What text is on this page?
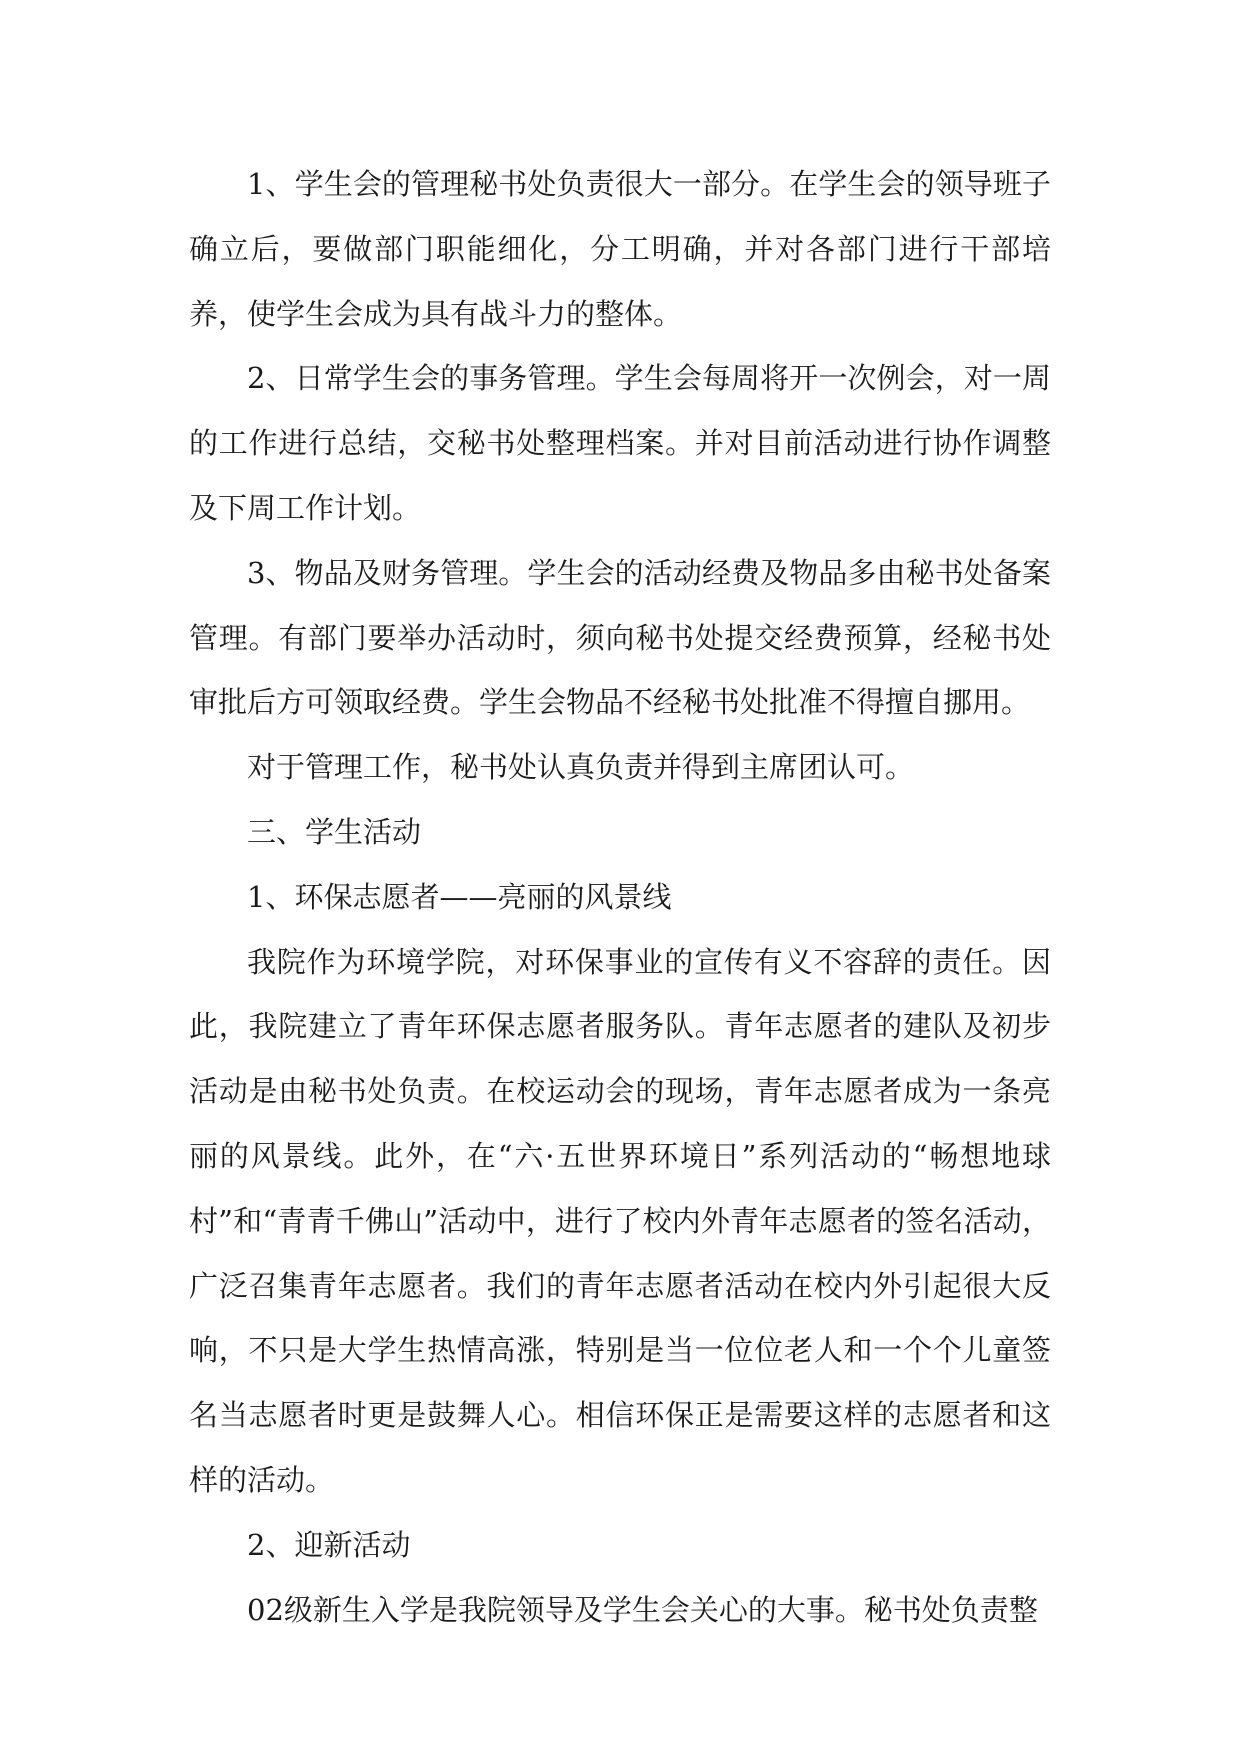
1、学生会的管理秘书处负责很大一部分。在学生会的领导班子确立后，要做部门职能细化，分工明确，并对各部门进行干部培养，使学生会成为具有战斗力的整体。

2、日常学生会的事务管理。学生会每周将开一次例会，对一周的工作进行总结，交秘书处整理档案。并对目前活动进行协作调整及下周工作计划。

3、物品及财务管理。学生会的活动经费及物品多由秘书处备案管理。有部门要举办活动时，须向秘书处提交经费预算，经秘书处审批后方可领取经费。学生会物品不经秘书处批准不得擅自挪用。

对于管理工作，秘书处认真负责并得到主席团认可。

三、学生活动

1、环保志愿者——亮丽的风景线

我院作为环境学院，对环保事业的宣传有义不容辞的责任。因此，我院建立了青年环保志愿者服务队。青年志愿者的建队及初步活动是由秘书处负责。在校运动会的现场，青年志愿者成为一条亮丽的风景线。此外，在“六·五世界环境日”系列活动的“畅想地球村”和“青青千佛山”活动中，进行了校内外青年志愿者的签名活动，广泛召集青年志愿者。我们的青年志愿者活动在校内外引起很大反响，不只是大学生热情高涨，特别是当一位位老人和一个个儿童签名当志愿者时更是鼓舞人心。相信环保正是需要这样的志愿者和这样的活动。

2、迎新活动

02级新生入学是我院领导及学生会关心的大事。秘书处负责整
